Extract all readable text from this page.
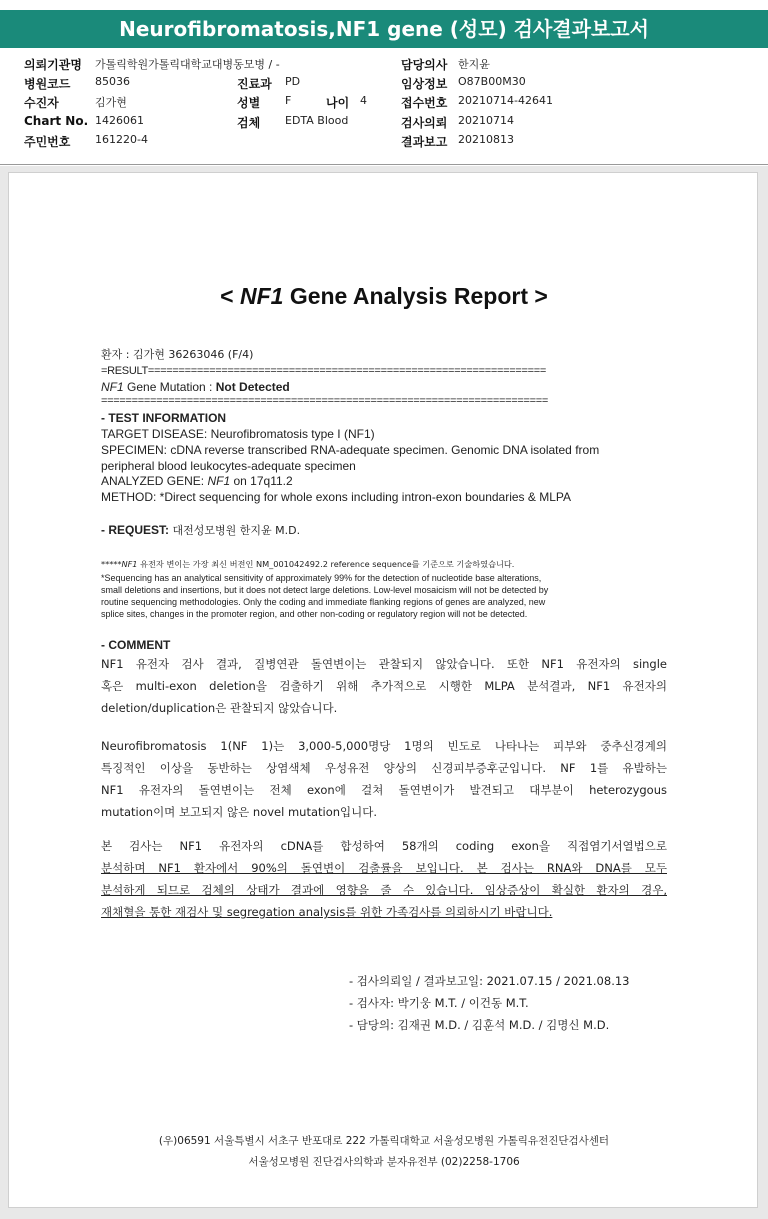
Neurofibromatosis,NF1 gene (성모) 검사결과보고서
의뢰기관명 가톨릭학원가톨릭대학교대병동모병 / -	담당의사 한지윤
병원코드 85036	진료과 PD	임상정보 O87B00M30
수진자	김가현	성별 F	나이 4	접수번호 20210714-42641
Chart No. 1426061	검체 EDTA Blood	검사의뢰 20210714
주민번호 161220-4	결과보고 20210813
< NF1 Gene Analysis Report >
환자 : 김가현 36263046 (F/4)
=RESULT=================================================================
NF1 Gene Mutation : Not Detected
=========================================================================
- TEST INFORMATION
TARGET DISEASE: Neurofibromatosis type I (NF1)
SPECIMEN: cDNA reverse transcribed RNA-adequate specimen. Genomic DNA isolated from
peripheral blood leukocytes-adequate specimen
ANALYZED GENE: NF1 on 17q11.2
METHOD: *Direct sequencing for whole exons including intron-exon boundaries & MLPA
- REQUEST: 대전성모병원 한지윤 M.D.
*****NF1 유전자 변이는 가장 최신 버전인 NM_001042492.2 reference sequence를 기준으로 기술하였습니다.
*Sequencing has an analytical sensitivity of approximately 99% for the detection of nucleotide base alterations,
small deletions and insertions, but it does not detect large deletions. Low-level mosaicism will not be detected by
routine sequencing methodologies. Only the coding and immediate flanking regions of genes are analyzed, new
splice sites, changes in the promoter region, and other non-coding or regulatory region will not be detected.
- COMMENT
NF1 유전자 검사 결과, 질병연관 돌연변이는 관찰되지 않았습니다. 또한 NF1 유전자의 single
혹은 multi-exon deletion을 검출하기 위해 추가적으로 시행한 MLPA 분석결과, NF1 유전자의
deletion/duplication은 관찰되지 않았습니다.
Neurofibromatosis 1(NF 1)는 3,000-5,000명당 1명의 빈도로 나타나는 피부와 중추신경계의
특징적인 이상을 동반하는 상염색체 우성유전 양상의 신경피부증후군입니다. NF 1를 유발하는
NF1 유전자의 돌연변이는 전체 exon에 걸쳐 돌연변이가 발견되고 대부분이 heterozygous
mutation이며 보고되지 않은 novel mutation입니다.
본 검사는 NF1 유전자의 cDNA를 합성하여 58개의 coding exon을 직접염기서열법으로
분석하며 NF1 환자에서 90%의 돌연변이 검출률을 보입니다. 본 검사는 RNA와 DNA를 모두
분석하게 되므로 검체의 상태가 결과에 영향을 줄 수 있습니다. 임상증상이 확실한 환자의 경우,
재채혈을 통한 재검사 및 segregation analysis를 위한 가족검사를 의뢰하시기 바랍니다.
- 검사의뢰일 / 결과보고일: 2021.07.15 / 2021.08.13
- 검사자: 박기웅 M.T. / 이건동 M.T.
- 담당의: 김재권 M.D. / 김훈석 M.D. / 김명신 M.D.
(우)06591 서울특별시 서초구 반포대로 222 가톨릭대학교 서울성모병원 가톨릭유전진단검사센터
서울성모병원 진단검사의학과 분자유전부 (02)2258-1706
